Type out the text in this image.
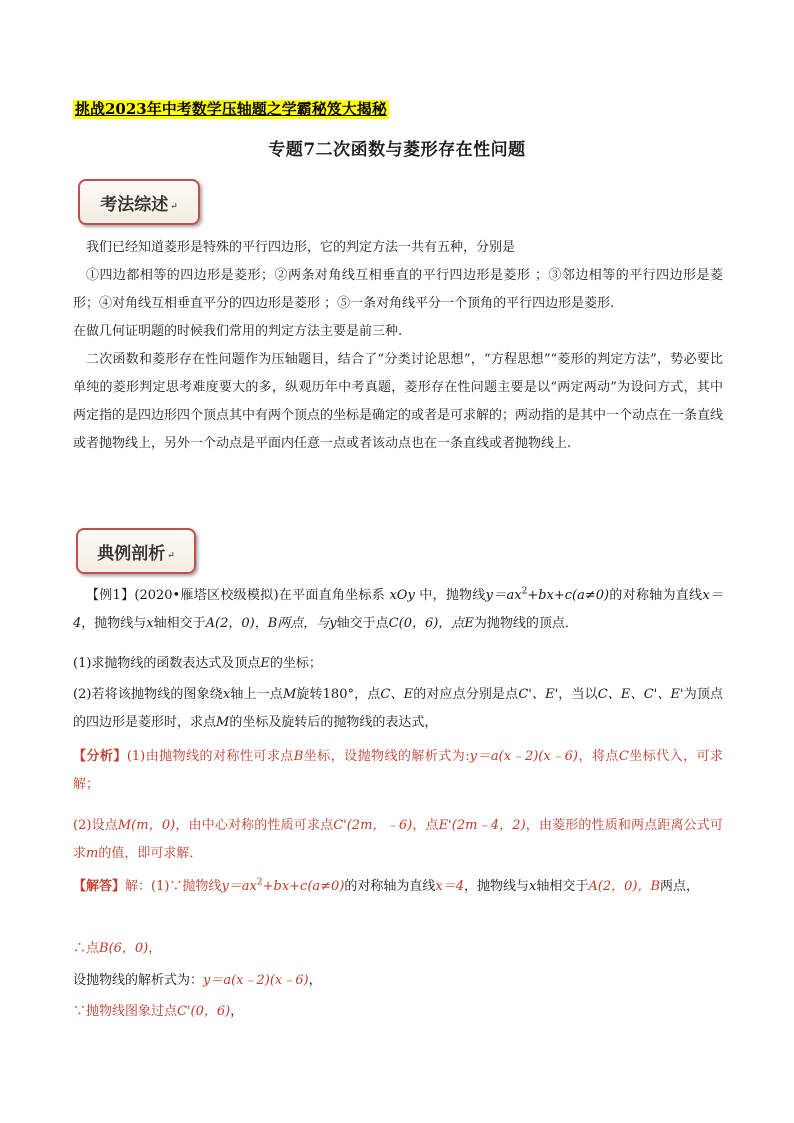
挑战2023年中考数学压轴题之学霸秘笈大揭秘
专题7二次函数与菱形存在性问题
考法综述 ↵
我们已经知道菱形是特殊的平行四边形，它的判定方法一共有五种，分别是
①四边都相等的四边形是菱形；②两条对角线互相垂直的平行四边形是菱形 ；③邻边相等的平行四边形是菱形；④对角线互相垂直平分的四边形是菱形 ；⑤一条对角线平分一个顶角的平行四边形是菱形.
在做几何证明题的时候我们常用的判定方法主要是前三种.
二次函数和菱形存在性问题作为压轴题目，结合了“分类讨论思想”，“方程思想”“菱形的判定方法”，势必要比单纯的菱形判定思考难度要大的多，纵观历年中考真题，菱形存在性问题主要是以“两定两动”为设问方式，其中两定指的是四边形四个顶点其中有两个顶点的坐标是确定的或者是可求解的；两动指的是其中一个动点在一条直线或者抛物线上，另外一个动点是平面内任意一点或者该动点也在一条直线或者抛物线上.
典例剖析 ↵
【例1】(2020•雁塔区校级模拟)在平面直角坐标系 xOy 中，抛物线$y=ax^2+bx+c(a\ne 0)$的对称轴为直线x＝4，抛物线与x轴相交于A(2，0)，B两点，与y轴交于点C(0，6)，点E为抛物线的顶点．
(1)求抛物线的函数表达式及顶点E的坐标；
(2)若将该抛物线的图象绕x轴上一点M旋转180°，点C、E的对应点分别是点C'、E'，当以C、E、C'、E'为顶点的四边形是菱形时，求点M的坐标及旋转后的抛物线的表达式，
【分析】(1)由抛物线的对称性可求点B坐标，设抛物线的解析式为:y＝a(x﹣2)(x﹣6)，将点C坐标代入，可求解；
(2)设点M(m，0)，由中心对称的性质可求点C'(2m，﹣6)，点E'(2m﹣4，2)，由菱形的性质和两点距离公式可求m的值，即可求解．
【解答】解：(1)∵抛物线$y=ax^2+bx+c(a\ne 0)$的对称轴为直线x＝4，抛物线与x轴相交于A(2，0)，B两点，
∴点B(6，0)，
设抛物线的解析式为：y＝a(x﹣2)(x﹣6)，
∵抛物线图象过点C'(0，6)，
